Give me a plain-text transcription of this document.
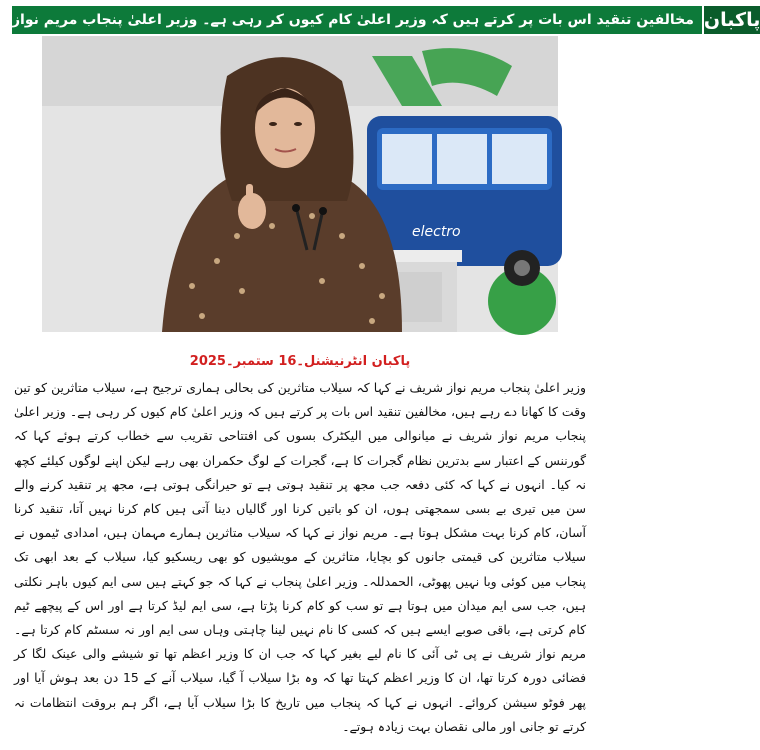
مخالفین تنقید اس بات پر کرتے ہیں کہ وزیر اعلیٰ کام کیوں کر رہی ہے۔ وزیر اعلیٰ پنجاب مریم نواز پاکبان
electro
پاکبان انٹرنیشنل۔16 ستمبر۔2025
وزیر اعلیٰ پنجاب مریم نواز شریف نے کہا کہ سیلاب متاثرین کی بحالی ہماری ترجیح ہے، سیلاب متاثرین کو تین وقت کا کھانا دے رہے ہیں، مخالفین تنقید اس بات پر کرتے ہیں کہ وزیر اعلیٰ کام کیوں کر رہی ہے۔ وزیر اعلیٰ پنجاب مریم نواز شریف نے میانوالی میں الیکٹرک بسوں کی افتتاحی تقریب سے خطاب کرتے ہوئے کہا کہ گورننس کے اعتبار سے بدترین نظام گجرات کا ہے، گجرات کے لوگ حکمران بھی رہے لیکن اپنے لوگوں کیلئے کچھ نہ کیا۔ انہوں نے کہا کہ کئی دفعہ جب مجھ پر تنقید ہوتی ہے تو حیرانگی ہوتی ہے، مجھ پر تنقید کرنے والے سن میں تیری بے بسی سمجھتی ہوں، ان کو باتیں کرنا اور گالیاں دینا آتی ہیں کام کرنا نہیں آتا، تنقید کرنا آسان، کام کرنا بہت مشکل ہوتا ہے۔ مریم نواز نے کہا کہ سیلاب متاثرین ہمارے مہمان ہیں، امدادی ٹیموں نے سیلاب متاثرین کی قیمتی جانوں کو بچایا، متاثرین کے مویشیوں کو بھی ریسکیو کیا، سیلاب کے بعد ابھی تک پنجاب میں کوئی وبا نہیں پھوٹی، الحمدللہ۔ وزیر اعلیٰ پنجاب نے کہا کہ جو کہتے ہیں سی ایم کیوں باہر نکلتی ہیں، جب سی ایم میدان میں ہوتا ہے تو سب کو کام کرنا پڑتا ہے، سی ایم لیڈ کرتا ہے اور اس کے پیچھے ٹیم کام کرتی ہے، باقی صوبے ایسے ہیں کہ کسی کا نام نہیں لینا چاہتی وہاں سی ایم اور نہ سسٹم کام کرتا ہے۔ مریم نواز شریف نے پی ٹی آئی کا نام لیے بغیر کہا کہ جب ان کا وزیر اعظم تھا تو شیشے والی عینک لگا کر فضائی دورہ کرتا تھا، ان کا وزیر اعظم کہتا تھا کہ وہ بڑا سیلاب آ گیا، سیلاب آنے کے 15 دن بعد ہوش آیا اور پھر فوٹو سیشن کروائے۔ انہوں نے کہا کہ پنجاب میں تاریخ کا بڑا سیلاب آیا ہے، اگر ہم بروقت انتظامات نہ کرتے تو جانی اور مالی نقصان بہت زیادہ ہوتے۔
